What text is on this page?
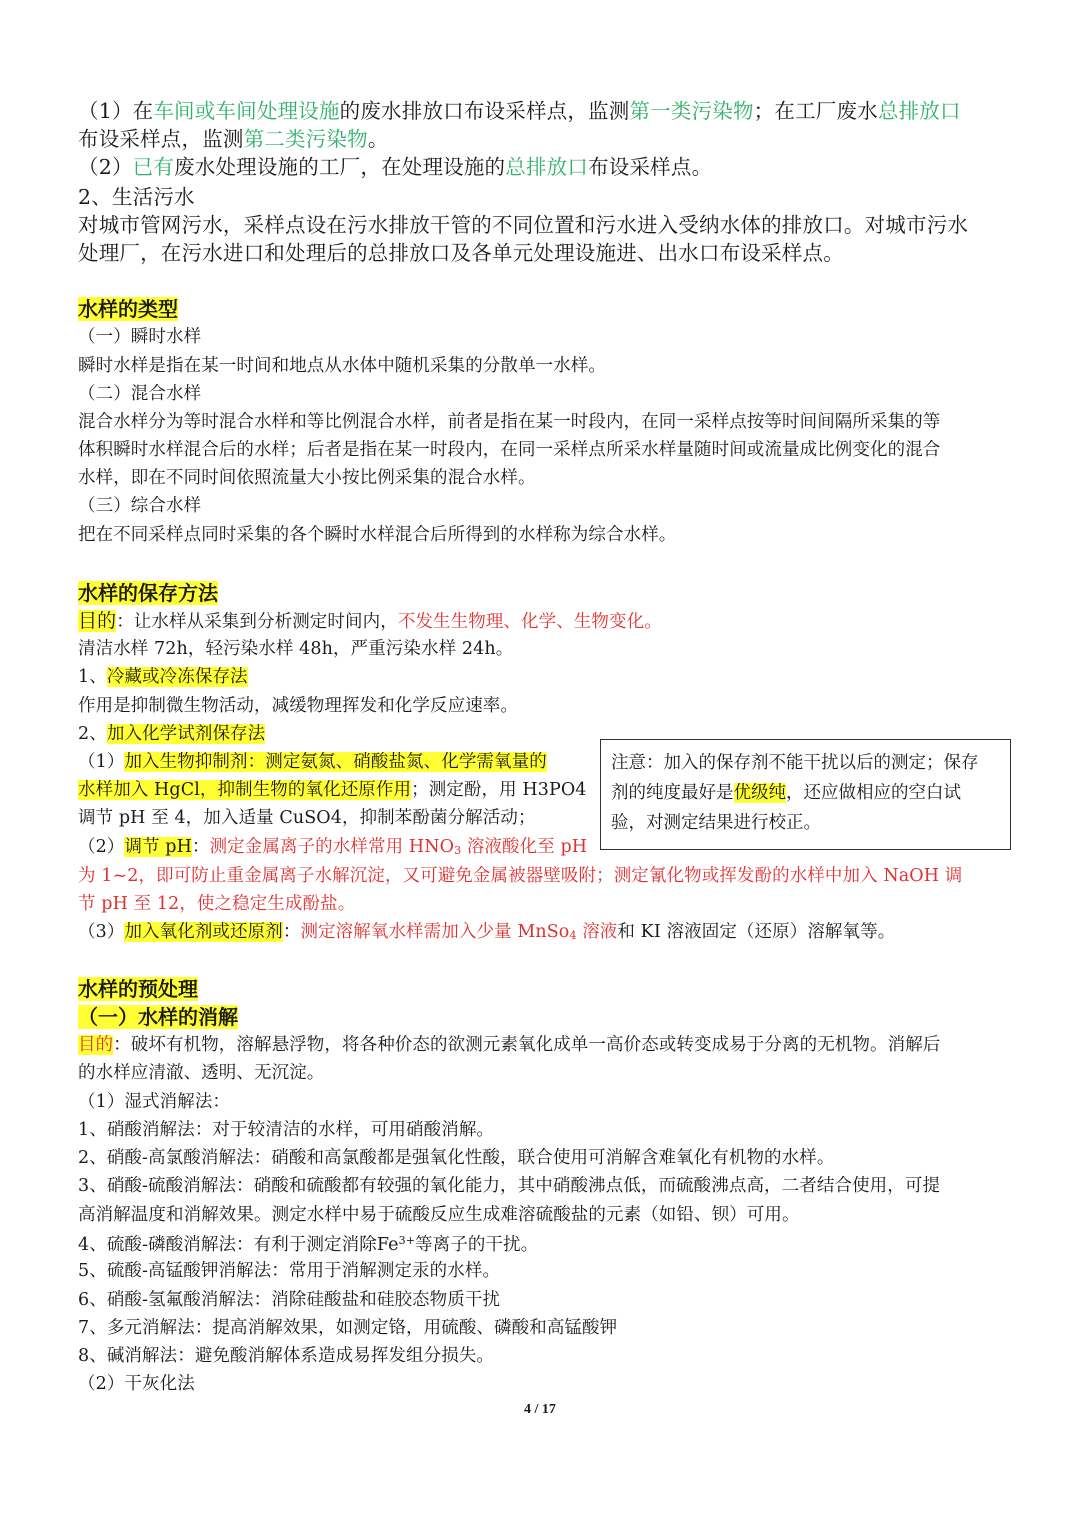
（1）在车间或车间处理设施的废水排放口布设采样点，监测第一类污染物；在工厂废水总排放口
布设采样点，监测第二类污染物。
（2）已有废水处理设施的工厂，在处理设施的总排放口布设采样点。
2、生活污水
对城市管网污水，采样点设在污水排放干管的不同位置和污水进入受纳水体的排放口。对城市污水
处理厂，在污水进口和处理后的总排放口及各单元处理设施进、出水口布设采样点。
水样的类型
（一）瞬时水样
瞬时水样是指在某一时间和地点从水体中随机采集的分散单一水样。
（二）混合水样
混合水样分为等时混合水样和等比例混合水样，前者是指在某一时段内，在同一采样点按等时间间隔所采集的等
体积瞬时水样混合后的水样；后者是指在某一时段内，在同一采样点所采水样量随时间或流量成比例变化的混合
水样，即在不同时间依照流量大小按比例采集的混合水样。
（三）综合水样
把在不同采样点同时采集的各个瞬时水样混合后所得到的水样称为综合水样。
水样的保存方法
目的：让水样从采集到分析测定时间内，不发生生物理、化学、生物变化。
清洁水样 72h，轻污染水样 48h，严重污染水样 24h。
1、冷藏或冷冻保存法
作用是抑制微生物活动，减缓物理挥发和化学反应速率。
2、加入化学试剂保存法
（1）加入生物抑制剂：测定氨氮、硝酸盐氮、化学需氧量的
水样加入 HgCl，抑制生物的氧化还原作用；测定酚，用 H3PO4
调节 pH 至 4，加入适量 CuSO4，抑制苯酚菌分解活动；
注意：加入的保存剂不能干扰以后的测定；保存
剂的纯度最好是优级纯，还应做相应的空白试
验，对测定结果进行校正。
（2）调节 pH：测定金属离子的水样常用 $HNO_3$ 溶液酸化至 pH
为 1~2，即可防止重金属离子水解沉淀，又可避免金属被器壁吸附；测定氰化物或挥发酚的水样中加入 NaOH 调
节 pH 至 12，使之稳定生成酚盐。
（3）加入氧化剂或还原剂：测定溶解氧水样需加入少量 MnSo$_4$ 溶液和 KI 溶液固定（还原）溶解氧等。
水样的预处理
（一）水样的消解
目的：破坏有机物，溶解悬浮物，将各种价态的欲测元素氧化成单一高价态或转变成易于分离的无机物。消解后
的水样应清澈、透明、无沉淀。
（1）湿式消解法：
1、硝酸消解法：对于较清洁的水样，可用硝酸消解。
2、硝酸-高氯酸消解法：硝酸和高氯酸都是强氧化性酸，联合使用可消解含难氧化有机物的水样。
3、硝酸-硫酸消解法：硝酸和硫酸都有较强的氧化能力，其中硝酸沸点低，而硫酸沸点高，二者结合使用，可提
高消解温度和消解效果。测定水样中易于硫酸反应生成难溶硫酸盐的元素（如铅、钡）可用。
4、硫酸-磷酸消解法：有利于测定消除$Fe^{3+}$等离子的干扰。
5、硫酸-高锰酸钾消解法：常用于消解测定汞的水样。
6、硝酸-氢氟酸消解法：消除硅酸盐和硅胶态物质干扰
7、多元消解法：提高消解效果，如测定铬，用硫酸、磷酸和高锰酸钾
8、碱消解法：避免酸消解体系造成易挥发组分损失。
（2）干灰化法
4 / 17
